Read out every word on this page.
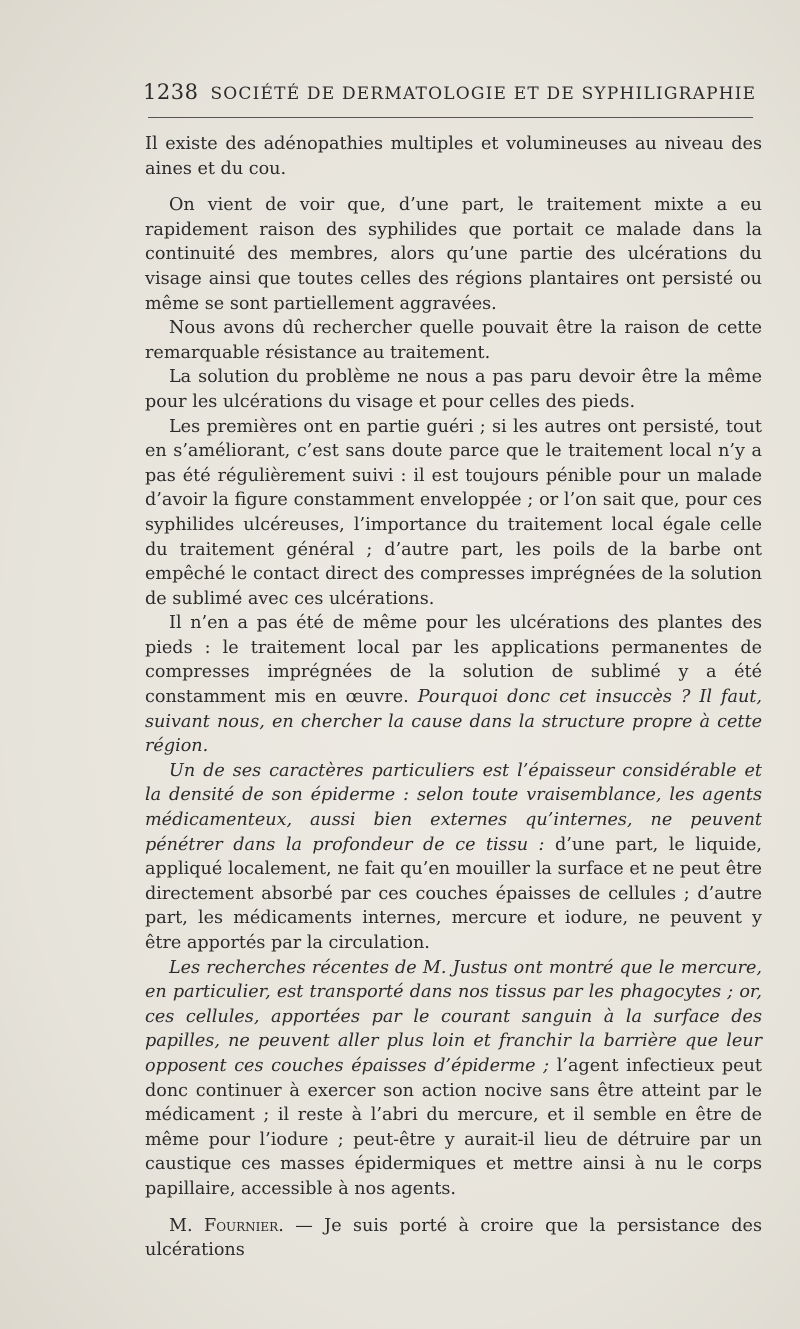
1238 SOCIÉTÉ DE DERMATOLOGIE ET DE SYPHILIGRAPHIE

Il existe des adénopathies multiples et volumineuses au niveau des aines et du cou.

On vient de voir que, d’une part, le traitement mixte a eu rapidement raison des syphilides que portait ce malade dans la continuité des membres, alors qu’une partie des ulcérations du visage ainsi que toutes celles des régions plantaires ont persisté ou même se sont partiellement aggravées.

Nous avons dû rechercher quelle pouvait être la raison de cette remarquable résistance au traitement.

La solution du problème ne nous a pas paru devoir être la même pour les ulcérations du visage et pour celles des pieds.

Les premières ont en partie guéri ; si les autres ont persisté, tout en s’améliorant, c’est sans doute parce que le traitement local n’y a pas été régulièrement suivi : il est toujours pénible pour un malade d’avoir la figure constamment enveloppée ; or l’on sait que, pour ces syphilides ulcéreuses, l’importance du traitement local égale celle du traitement général ; d’autre part, les poils de la barbe ont empêché le contact direct des compresses imprégnées de la solution de sublimé avec ces ulcérations.

Il n’en a pas été de même pour les ulcérations des plantes des pieds : le traitement local par les applications permanentes de compresses imprégnées de la solution de sublimé y a été constamment mis en œuvre. Pourquoi donc cet insuccès ? Il faut, suivant nous, en chercher la cause dans la structure propre à cette région.

Un de ses caractères particuliers est l’épaisseur considérable et la densité de son épiderme : selon toute vraisemblance, les agents médicamenteux, aussi bien externes qu’internes, ne peuvent pénétrer dans la profondeur de ce tissu : d’une part, le liquide, appliqué localement, ne fait qu’en mouiller la surface et ne peut être directement absorbé par ces couches épaisses de cellules ; d’autre part, les médicaments internes, mercure et iodure, ne peuvent y être apportés par la circulation.

Les recherches récentes de M. Justus ont montré que le mercure, en particulier, est transporté dans nos tissus par les phagocytes ; or, ces cellules, apportées par le courant sanguin à la surface des papilles, ne peuvent aller plus loin et franchir la barrière que leur opposent ces couches épaisses d’épiderme ; l’agent infectieux peut donc continuer à exercer son action nocive sans être atteint par le médicament ; il reste à l’abri du mercure, et il semble en être de même pour l’iodure ; peut-être y aurait-il lieu de détruire par un caustique ces masses épidermiques et mettre ainsi à nu le corps papillaire, accessible à nos agents.

M. Fournier. — Je suis porté à croire que la persistance des ulcérations
